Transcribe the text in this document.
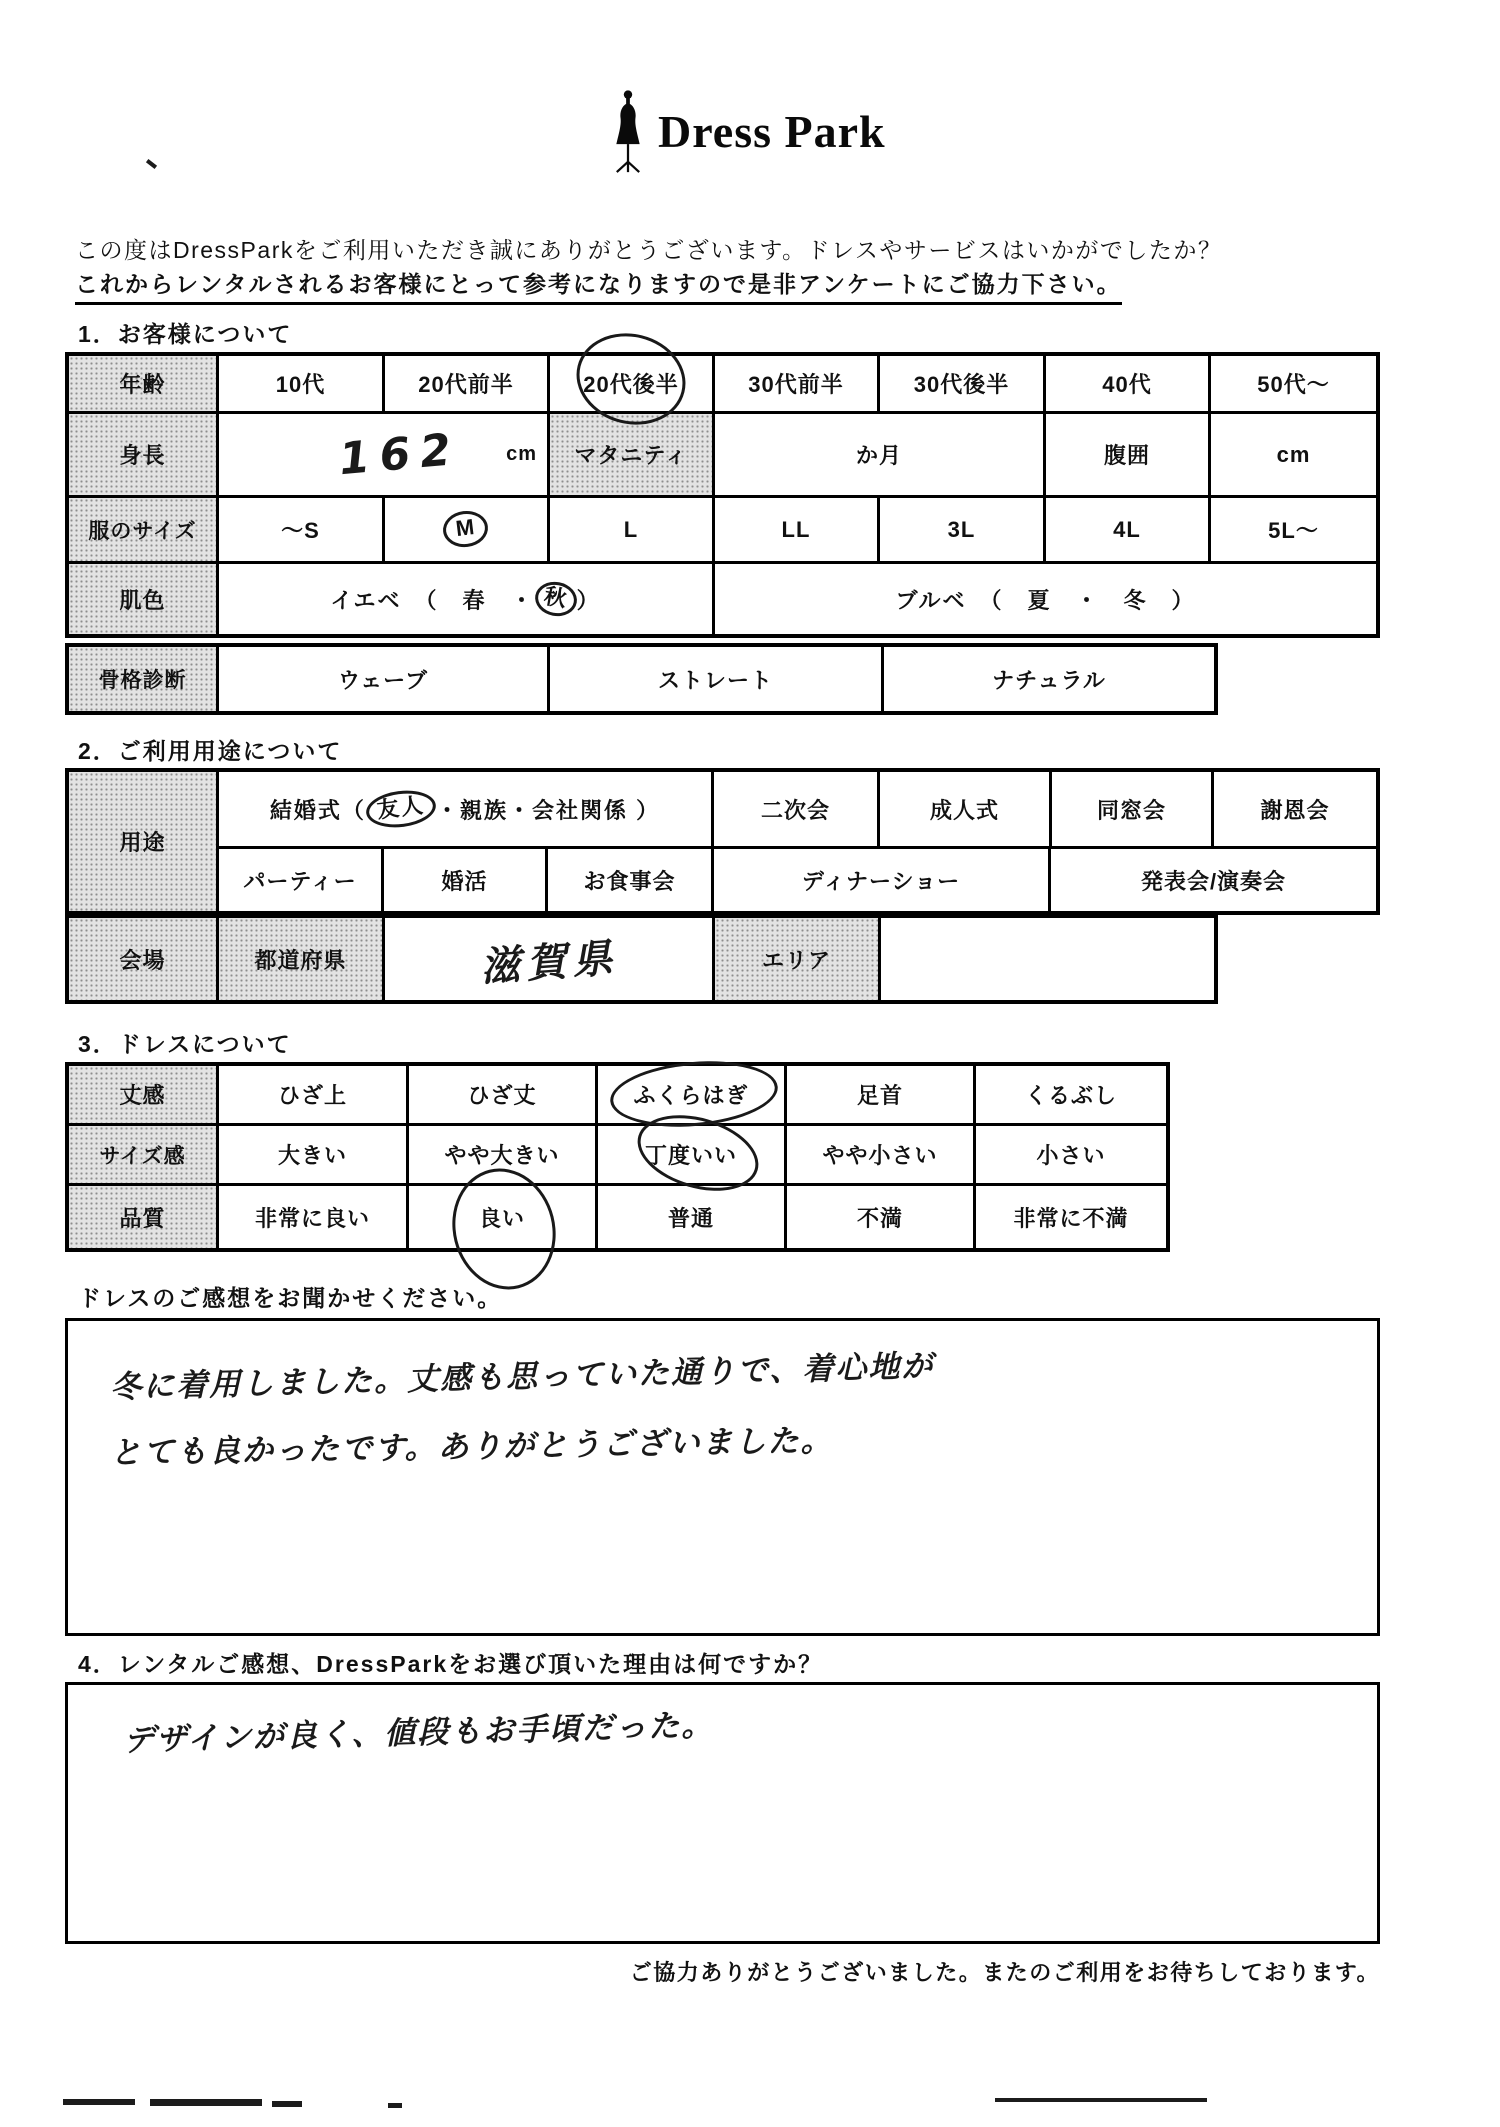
Dress Park
この度はDressParkをご利用いただき誠にありがとうございます。ドレスやサービスはいかがでしたか？
これからレンタルされるお客様にとって参考になりますので是非アンケートにご協力下さい。
1．お客様について
年齢	10代	20代前半	20代後半	30代前半	30代後半	40代	50代～
身長	162 cm	マタニティ	か月	腹囲	cm
服のサイズ	～S	M	L	LL	3L	4L	5L～
肌色	イエベ　（　春　・ 秋 ）	ブルベ　（　夏　・　冬　）
骨格診断	ウェーブ	ストレート	ナチュラル
2．ご利用用途について
用途
結婚式（ 友人 ・親族・会社関係 ）	二次会	成人式	同窓会	謝恩会
パーティー	婚活	お食事会	ディナーショー	発表会/演奏会
会場	都道府県	滋賀県	エリア
3．ドレスについて
丈感	ひざ上	ひざ丈	ふくらはぎ	足首	くるぶし
サイズ感	大きい	やや大きい	丁度いい	やや小さい	小さい
品質	非常に良い	良い	普通	不満	非常に不満
ドレスのご感想をお聞かせください。
冬に着用しました。丈感も思っていた通りで、着心地が
とても良かったです。ありがとうございました。
4．レンタルご感想、DressParkをお選び頂いた理由は何ですか？
デザインが良く、値段もお手頃だった。
ご協力ありがとうございました。またのご利用をお待ちしております。
